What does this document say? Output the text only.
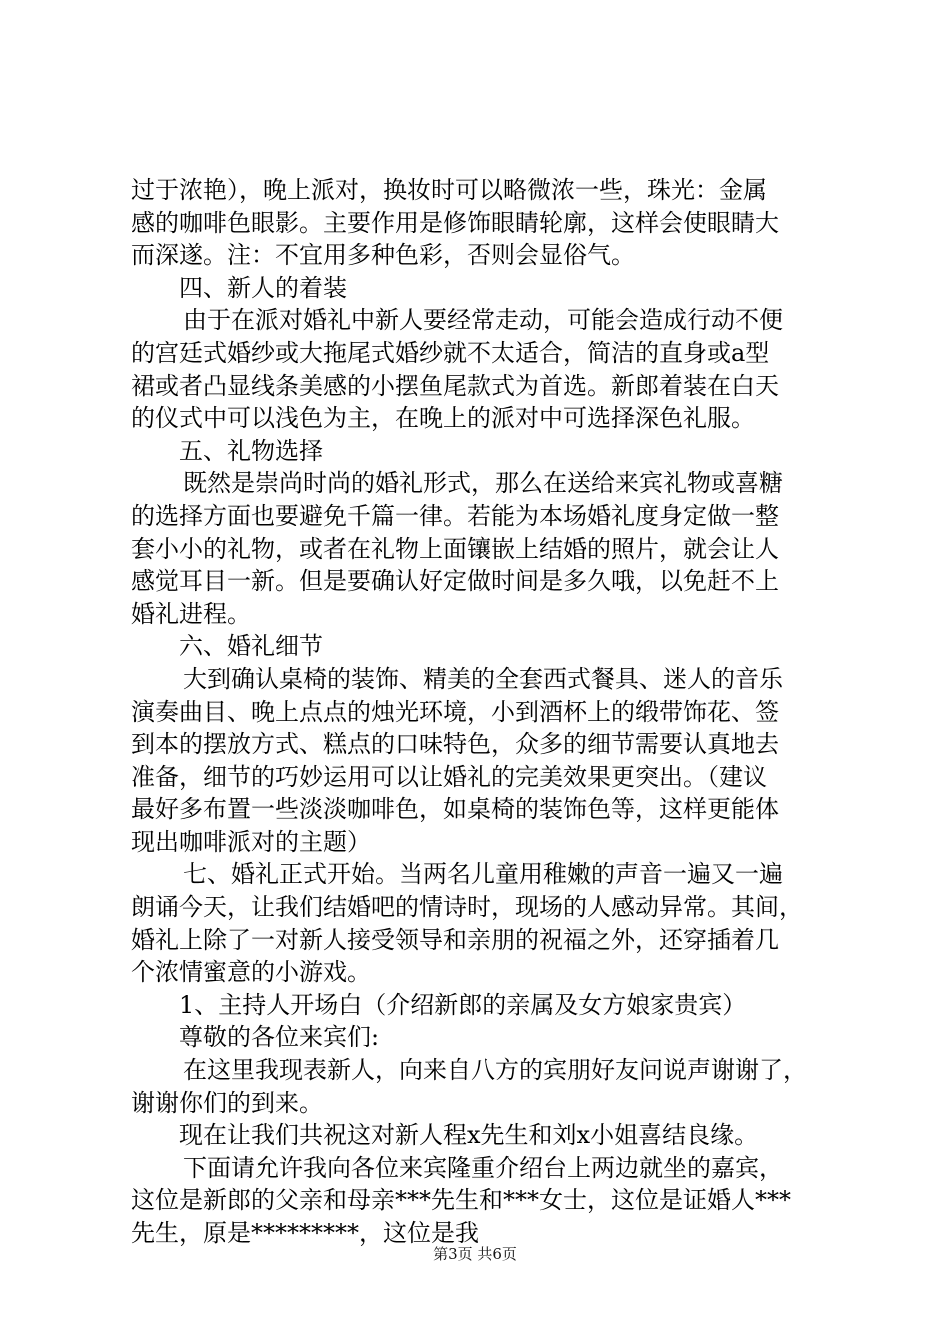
过于浓艳），晚上派对，换妆时可以略微浓一些，珠光：金属
感的咖啡色眼影。主要作用是修饰眼睛轮廓，这样会使眼睛大
而深遂。注：不宜用多种色彩，否则会显俗气。
四、新人的着装
由于在派对婚礼中新人要经常走动，可能会造成行动不便
的宫廷式婚纱或大拖尾式婚纱就不太适合，简洁的直身或a型
裙或者凸显线条美感的小摆鱼尾款式为首选。新郎着装在白天
的仪式中可以浅色为主，在晚上的派对中可选择深色礼服。
五、礼物选择
既然是崇尚时尚的婚礼形式，那么在送给来宾礼物或喜糖
的选择方面也要避免千篇一律。若能为本场婚礼度身定做一整
套小小的礼物，或者在礼物上面镶嵌上结婚的照片，就会让人
感觉耳目一新。但是要确认好定做时间是多久哦，以免赶不上
婚礼进程。
六、婚礼细节
大到确认桌椅的装饰、精美的全套西式餐具、迷人的音乐
演奏曲目、晚上点点的烛光环境，小到酒杯上的缎带饰花、签
到本的摆放方式、糕点的口味特色，众多的细节需要认真地去
准备，细节的巧妙运用可以让婚礼的完美效果更突出。（建议
最好多布置一些淡淡咖啡色，如桌椅的装饰色等，这样更能体
现出咖啡派对的主题）
七、婚礼正式开始。当两名儿童用稚嫩的声音一遍又一遍
朗诵今天，让我们结婚吧的情诗时，现场的人感动异常。其间，
婚礼上除了一对新人接受领导和亲朋的祝福之外，还穿插着几
个浓情蜜意的小游戏。
1、主持人开场白（介绍新郎的亲属及女方娘家贵宾）
尊敬的各位来宾们:
在这里我现表新人，向来自八方的宾朋好友问说声谢谢了，
谢谢你们的到来。
现在让我们共祝这对新人程x先生和刘x小姐喜结良缘。
下面请允许我向各位来宾隆重介绍台上两边就坐的嘉宾，
这位是新郎的父亲和母亲***先生和***女士，这位是证婚人***
先生，原是*********，这位是我
第3页 共6页
